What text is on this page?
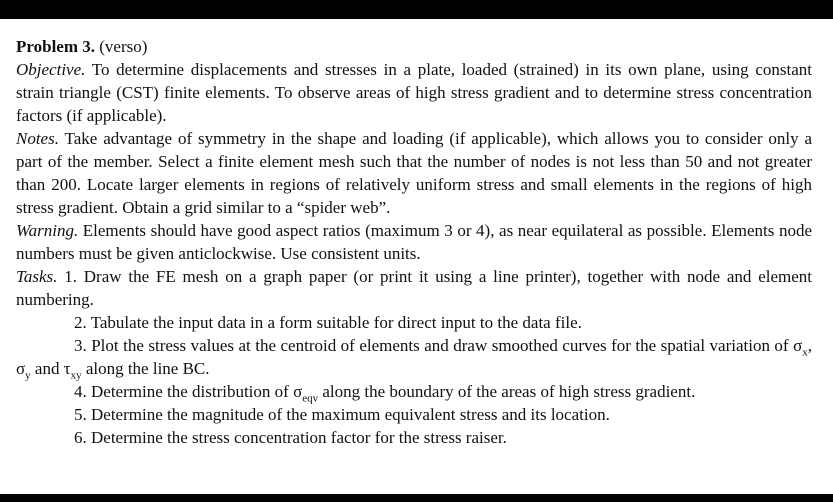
Problem 3. (verso)

Objective. To determine displacements and stresses in a plate, loaded (strained) in its own plane, using constant strain triangle (CST) finite elements. To observe areas of high stress gradient and to determine stress concentration factors (if applicable).

Notes. Take advantage of symmetry in the shape and loading (if applicable), which allows you to consider only a part of the member. Select a finite element mesh such that the number of nodes is not less than 50 and not greater than 200. Locate larger elements in regions of relatively uniform stress and small elements in the regions of high stress gradient. Obtain a grid similar to a “spider web”.

Warning. Elements should have good aspect ratios (maximum 3 or 4), as near equilateral as possible. Elements node numbers must be given anticlockwise. Use consistent units.

Tasks. 1. Draw the FE mesh on a graph paper (or print it using a line printer), together with node and element numbering.

2. Tabulate the input data in a form suitable for direct input to the data file.

3. Plot the stress values at the centroid of elements and draw smoothed curves for the spatial variation of $\sigma_x$, $\sigma_y$ and $\tau_{xy}$ along the line BC.

4. Determine the distribution of $\sigma_{eqv}$ along the boundary of the areas of high stress gradient.

5. Determine the magnitude of the maximum equivalent stress and its location.

6. Determine the stress concentration factor for the stress raiser.
